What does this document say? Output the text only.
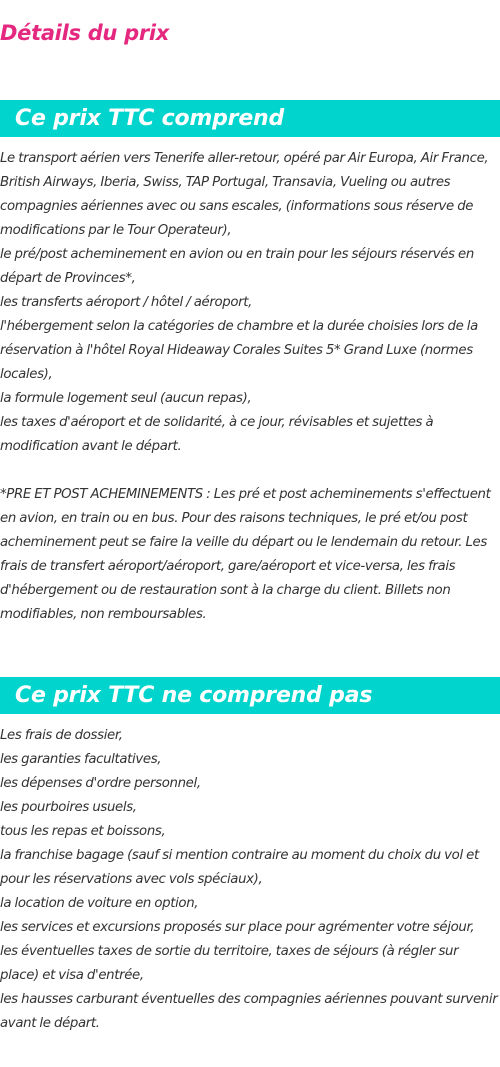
Détails du prix
Ce prix TTC comprend

Le transport aérien vers Tenerife aller-retour, opéré par Air Europa, Air France, British Airways, Iberia, Swiss, TAP Portugal, Transavia, Vueling ou autres compagnies aériennes avec ou sans escales, (informations sous réserve de modifications par le Tour Operateur),

le pré/post acheminement en avion ou en train pour les séjours réservés en départ de Provinces*,

les transferts aéroport / hôtel / aéroport,

l'hébergement selon la catégories de chambre et la durée choisies lors de la réservation à l'hôtel Royal Hideaway Corales Suites 5* Grand Luxe (normes locales),

la formule logement seul (aucun repas),

les taxes d'aéroport et de solidarité, à ce jour, révisables et sujettes à modification avant le départ.

*PRE ET POST ACHEMINEMENTS : Les pré et post acheminements s'effectuent en avion, en train ou en bus. Pour des raisons techniques, le pré et/ou post acheminement peut se faire la veille du départ ou le lendemain du retour. Les frais de transfert aéroport/aéroport, gare/aéroport et vice-versa, les frais d'hébergement ou de restauration sont à la charge du client. Billets non modifiables, non remboursables.

Ce prix TTC ne comprend pas

Les frais de dossier,

les garanties facultatives,

les dépenses d'ordre personnel,

les pourboires usuels,

tous les repas et boissons,

la franchise bagage (sauf si mention contraire au moment du choix du vol et pour les réservations avec vols spéciaux),

la location de voiture en option,

les services et excursions proposés sur place pour agrémenter votre séjour,

les éventuelles taxes de sortie du territoire, taxes de séjours (à régler sur place) et visa d'entrée,

les hausses carburant éventuelles des compagnies aériennes pouvant survenir avant le départ.
